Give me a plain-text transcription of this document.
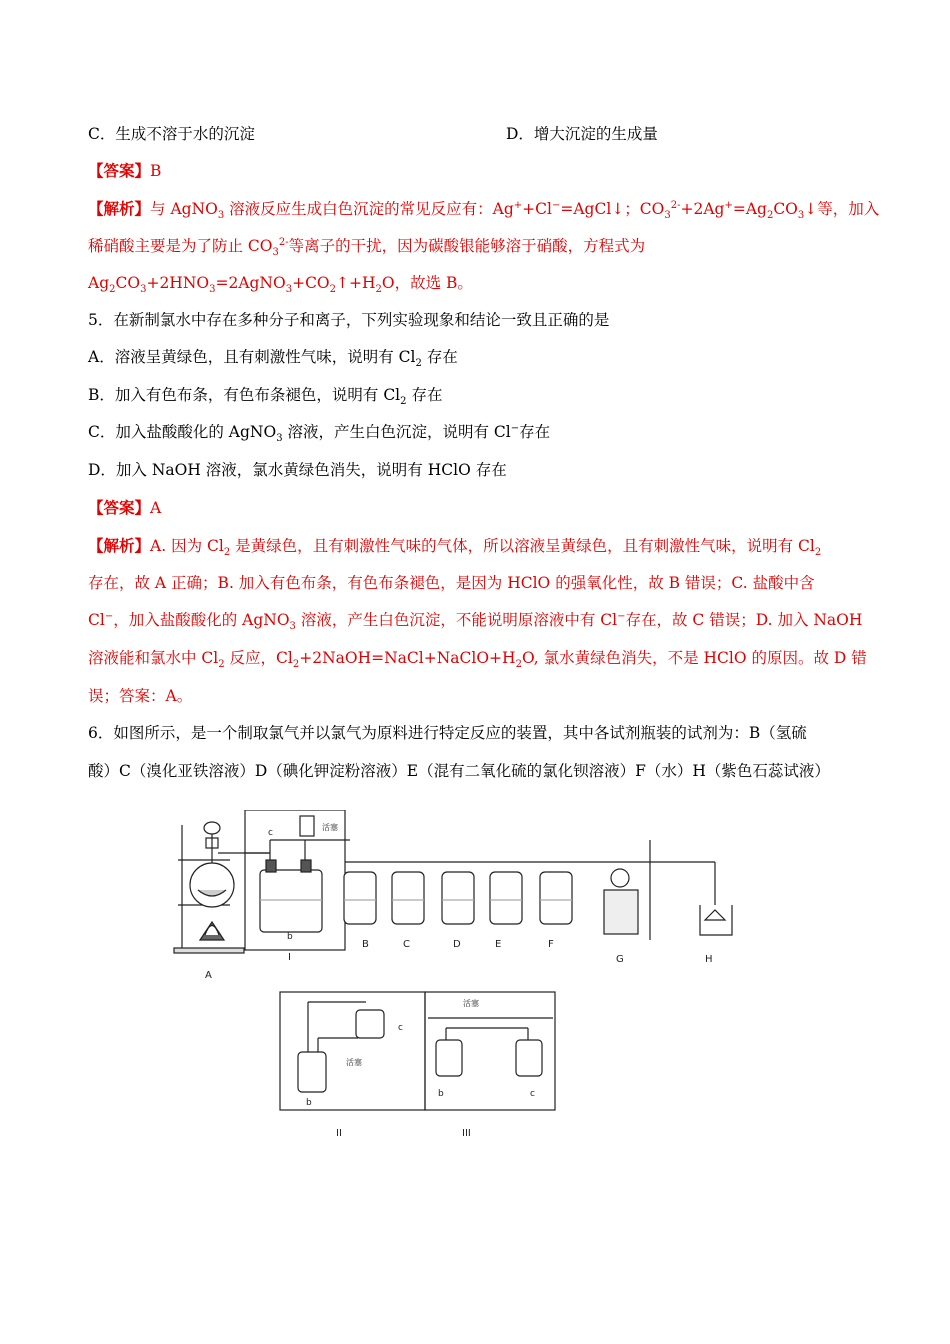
C．生成不溶于水的沉淀	D．增大沉淀的生成量
【答案】B
【解析】与 AgNO$_3$ 溶液反应生成白色沉淀的常见反应有：Ag++Cl−=AgCl↓；$CO_3^{2-}+2Ag^+=Ag_2CO_3↓$等，加入
稀硝酸主要是为了防止 $CO_3^{2-}$等离子的干扰，因为碳酸银能够溶于硝酸，方程式为
$Ag_2CO_3+2HNO_3=2AgNO_3+CO_2↑+H_2O$，故选 B。
5．在新制氯水中存在多种分子和离子，下列实验现象和结论一致且正确的是
A．溶液呈黄绿色，且有刺激性气味，说明有 $Cl_2$ 存在
B．加入有色布条，有色布条褪色，说明有 $Cl_2$ 存在
C．加入盐酸酸化的 AgNO$_3$ 溶液，产生白色沉淀，说明有 Cl−存在
D．加入 NaOH 溶液，氯水黄绿色消失，说明有 HClO 存在
【答案】A
【解析】A. 因为 $Cl_2$ 是黄绿色，且有刺激性气味的气体，所以溶液呈黄绿色，且有刺激性气味，说明有 $Cl_2$
存在，故 A 正确；B. 加入有色布条，有色布条褪色，是因为 HClO 的强氧化性，故 B 错误；C. 盐酸中含
Cl−，加入盐酸酸化的 AgNO$_3$ 溶液，产生白色沉淀，不能说明原溶液中有 Cl−存在，故 C 错误；D. 加入 NaOH
溶液能和氯水中 $Cl_2$ 反应，$Cl_2+2NaOH=NaCl+NaClO+H_2O$, 氯水黄绿色消失，不是 HClO 的原因。故 D 错
误；答案：A。
6．如图所示，是一个制取氯气并以氯气为原料进行特定反应的装置，其中各试剂瓶装的试剂为：B（氢硫
酸）C（溴化亚铁溶液）D（碘化钾淀粉溶液）E（混有二氧化硫的氯化钡溶液）F（水）H（紫色石蕊试液）
c
b
活塞
A
I
B	C	D	E	F
G	H
c
活塞
b
活塞
b	c
II	III
